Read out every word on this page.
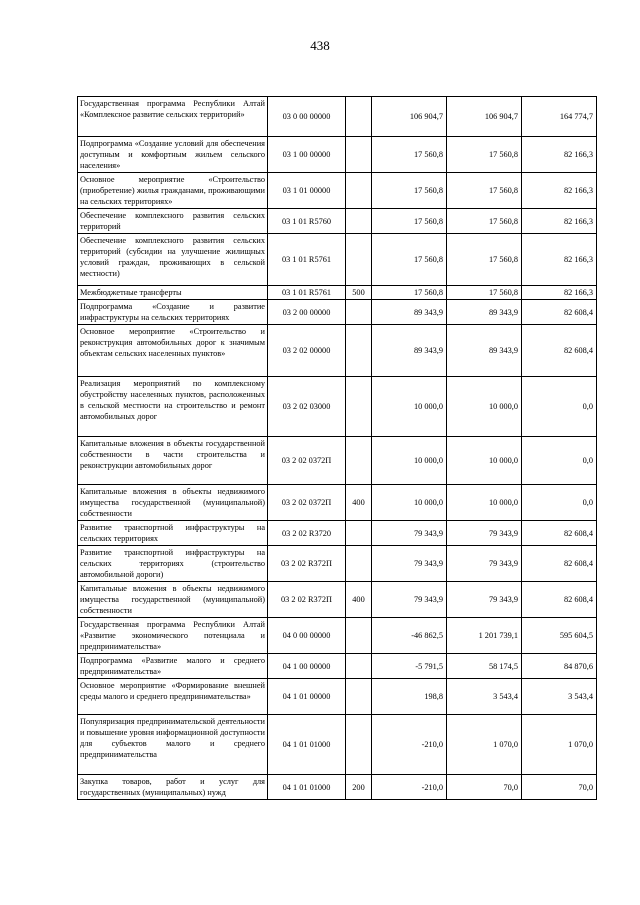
438
Государственная программа Республики Алтай «Комплексное развитие сельских территорий»	03 0 00 00000		106 904,7	106 904,7	164 774,7
Подпрограмма «Создание условий для обеспечения доступным и комфортным жильем сельского населения»	03 1 00 00000		17 560,8	17 560,8	82 166,3
Основное мероприятие «Строительство (приобретение) жилья гражданами, проживающими на сельских территориях»	03 1 01 00000		17 560,8	17 560,8	82 166,3
Обеспечение комплексного развития сельских территорий	03 1 01 R5760		17 560,8	17 560,8	82 166,3
Обеспечение комплексного развития сельских территорий (субсидии на улучшение жилищных условий граждан, проживающих в сельской местности)	03 1 01 R5761		17 560,8	17 560,8	82 166,3
Межбюджетные трансферты	03 1 01 R5761	500	17 560,8	17 560,8	82 166,3
Подпрограмма «Создание и развитие инфраструктуры на сельских территориях	03 2 00 00000		89 343,9	89 343,9	82 608,4
Основное мероприятие «Строительство и реконструкция автомобильных дорог к значимым объектам сельских населенных пунктов»	03 2 02 00000		89 343,9	89 343,9	82 608,4
Реализация мероприятий по комплексному обустройству населенных пунктов, расположенных в сельской местности на строительство и ремонт автомобильных дорог	03 2 02 03000		10 000,0	10 000,0	0,0
Капитальные вложения в объекты государственной собственности в части строительства и реконструкции автомобильных дорог	03 2 02 0372П		10 000,0	10 000,0	0,0
Капитальные вложения в объекты недвижимого имущества государственной (муниципальной) собственности	03 2 02 0372П	400	10 000,0	10 000,0	0,0
Развитие транспортной инфраструктуры на сельских территориях	03 2 02 R3720		79 343,9	79 343,9	82 608,4
Развитие транспортной инфраструктуры на сельских территориях (строительство автомобильной дороги)	03 2 02 R372П		79 343,9	79 343,9	82 608,4
Капитальные вложения в объекты недвижимого имущества государственной (муниципальной) собственности	03 2 02 R372П	400	79 343,9	79 343,9	82 608,4
Государственная программа Республики Алтай «Развитие экономического потенциала и предпринимательства»	04 0 00 00000		-46 862,5	1 201 739,1	595 604,5
Подпрограмма «Развитие малого и среднего предпринимательства»	04 1 00 00000		-5 791,5	58 174,5	84 870,6
Основное мероприятие «Формирование внешней среды малого и среднего предпринимательства»	04 1 01 00000		198,8	3 543,4	3 543,4
Популяризация предпринимательской деятельности и повышение уровня информационной доступности для субъектов малого и среднего предпринимательства	04 1 01 01000		-210,0	1 070,0	1 070,0
Закупка товаров, работ и услуг для государственных (муниципальных) нужд	04 1 01 01000	200	-210,0	70,0	70,0
